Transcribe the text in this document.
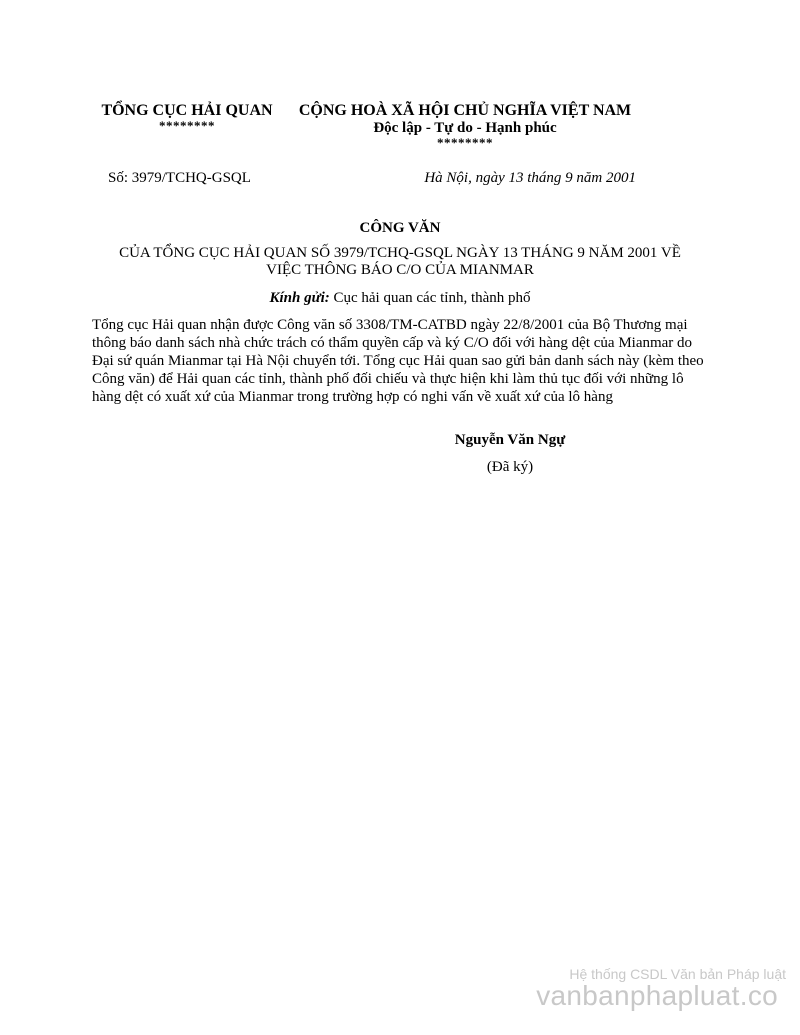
TỔNG CỤC HẢI QUAN
********
CỘNG HOÀ XÃ HỘI CHỦ NGHĨA VIỆT NAM
Độc lập - Tự do - Hạnh phúc
********
Số: 3979/TCHQ-GSQL	Hà Nội, ngày 13 tháng 9 năm 2001
CÔNG VĂN
CỦA TỔNG CỤC HẢI QUAN SỐ 3979/TCHQ-GSQL NGÀY 13 THÁNG 9 NĂM 2001 VỀ VIỆC THÔNG BÁO C/O CỦA MIANMAR
Kính gửi: Cục hải quan các tỉnh, thành phố
Tổng cục Hải quan nhận được Công văn số 3308/TM-CATBD ngày 22/8/2001 của Bộ Thương mại thông báo danh sách nhà chức trách có thẩm quyền cấp và ký C/O đối với hàng dệt của Mianmar do Đại sứ quán Mianmar tại Hà Nội chuyển tới. Tổng cục Hải quan sao gửi bản danh sách này (kèm theo Công văn) để Hải quan các tỉnh, thành phố đối chiếu và thực hiện khi làm thủ tục đối với những lô hàng dệt có xuất xứ của Mianmar trong trường hợp có nghi vấn về xuất xứ của lô hàng
Nguyễn Văn Ngự
(Đã ký)
Hệ thống CSDL Văn bản Pháp luật
vanbanphapluat.co
